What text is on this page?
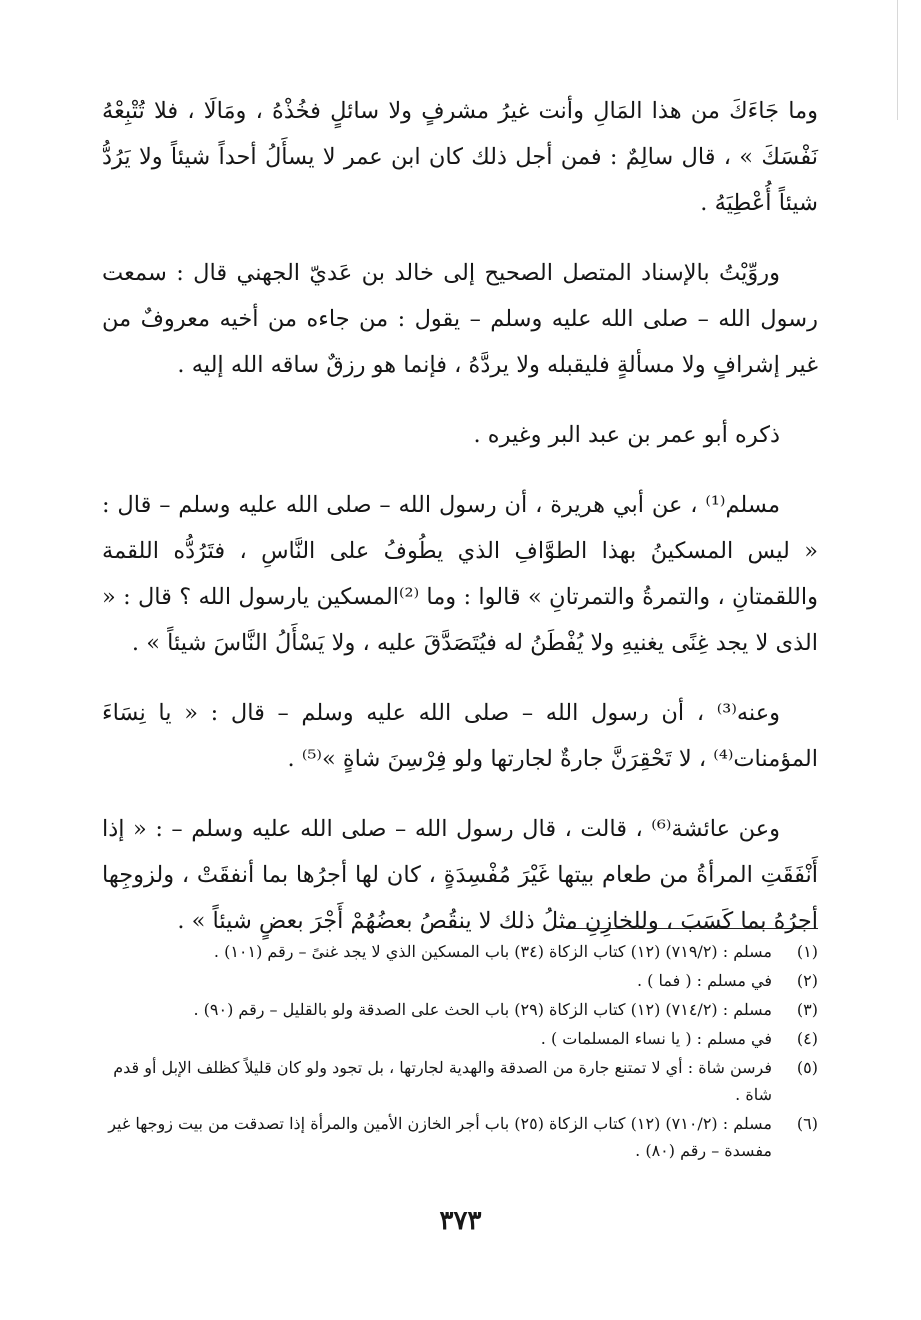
وما جَاءَكَ من هذا المَالِ وأنت غيرُ مشرفٍ ولا سائلٍ فخُذْهُ ، ومَالَا ، فلا تُتْبِعْهُ نَفْسَكَ » ، قال سالِمٌ : فمن أجل ذلك كان ابن عمر لا يسأَلُ أحداً شيئاً ولا يَرُدُّ شيئاً أُعْطِيَهُ .

وروِّيْتُ بالإسناد المتصل الصحيح إلى خالد بن عَديّ الجهني قال : سمعت رسول الله – صلى الله عليه وسلم – يقول : من جاءه من أخيه معروفٌ من غير إشرافٍ ولا مسألةٍ فليقبله ولا يردَّهُ ، فإنما هو رزقٌ ساقه الله إليه .

ذكره أبو عمر بن عبد البر وغيره .

مسلم⁽¹⁾ ، عن أبي هريرة ، أن رسول الله – صلى الله عليه وسلم – قال : « ليس المسكينُ بهذا الطوَّافِ الذي يطُوفُ على النَّاسِ ، فتَرُدُّه اللقمة واللقمتانِ ، والتمرةُ والتمرتانِ » قالوا : وما ⁽²⁾المسكين يارسول الله ؟ قال : « الذى لا يجد غِنًى يغنيهِ ولا يُفْطَنُ له فيُتَصَدَّقَ عليه ، ولا يَسْأَلُ النَّاسَ شيئاً » .

وعنه⁽³⁾ ، أن رسول الله – صلى الله عليه وسلم – قال : « يا نِسَاءَ المؤمنات⁽⁴⁾ ، لا تَحْقِرَنَّ جارةٌ لجارتها ولو فِرْسِنَ شاةٍ »⁽⁵⁾ .

وعن عائشة⁽⁶⁾ ، قالت ، قال رسول الله – صلى الله عليه وسلم – : « إذا أَنْفَقَتِ المرأةُ من طعام بيتها غَيْرَ مُفْسِدَةٍ ، كان لها أجرُها بما أنفقَتْ ، ولزوجِها أجرُهُ بما كَسَبَ ، وللخازِنِ مثلُ ذلك لا ينقُصُ بعضُهُمْ أَجْرَ بعضٍ شيئاً » .

(١)
مسلم : (٧١٩/٢) (١٢) كتاب الزكاة (٣٤) باب المسكين الذي لا يجد غنىً – رقم (١٠١) .
(٢)
في مسلم : ( فما ) .
(٣)
مسلم : (٧١٤/٢) (١٢) كتاب الزكاة (٢٩) باب الحث على الصدقة ولو بالقليل – رقم (٩٠) .
(٤)
في مسلم : ( يا نساء المسلمات ) .
(٥)
فرسن شاة : أي لا تمتنع جارة من الصدقة والهدية لجارتها ، بل تجود ولو كان قليلاً كظلف الإبل أو قدم شاة .
(٦)
مسلم : (٧١٠/٢) (١٢) كتاب الزكاة (٢٥) باب أجر الخازن الأمين والمرأة إذا تصدقت من بيت زوجها غير مفسدة – رقم (٨٠) .
٣٧٣
